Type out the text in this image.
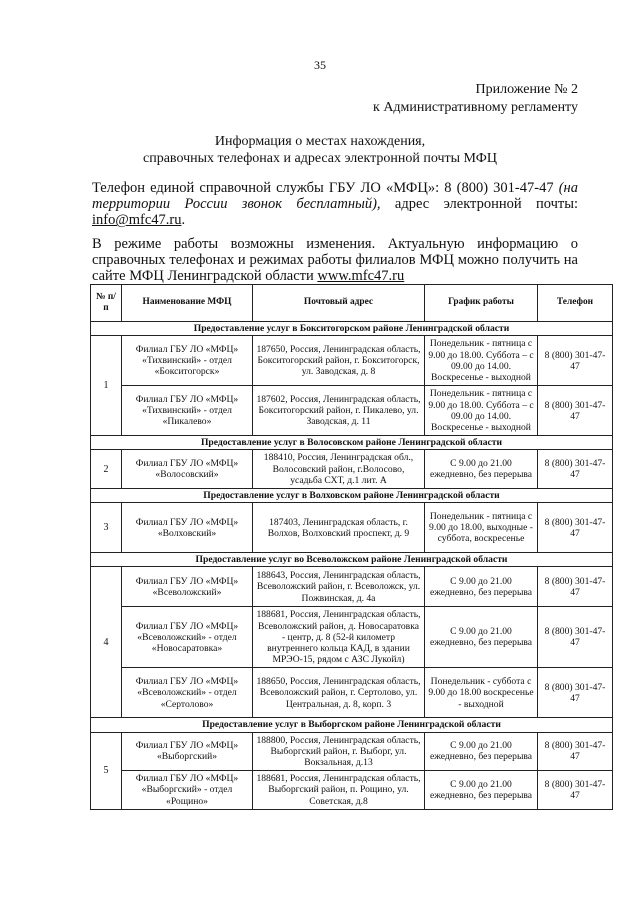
35
Приложение № 2
к Административному регламенту
Информация о местах нахождения,
справочных телефонах и адресах электронной почты МФЦ
Телефон единой справочной службы ГБУ ЛО «МФЦ»: 8 (800) 301-47-47 (на территории России звонок бесплатный), адрес электронной почты: info@mfc47.ru.
В режиме работы возможны изменения. Актуальную информацию о справочных телефонах и режимах работы филиалов МФЦ можно получить на сайте МФЦ Ленинградской области www.mfc47.ru
№ п/п	Наименование МФЦ	Почтовый адрес	График работы	Телефон
Предоставление услуг в Бокситогорском районе Ленинградской области				
1	Филиал ГБУ ЛО «МФЦ» «Тихвинский» - отдел «Бокситогорск»	187650, Россия, Ленинградская область, Бокситогорский район, г. Бокситогорск, ул. Заводская, д. 8	Понедельник - пятница с 9.00 до 18.00. Суббота – с 09.00 до 14.00. Воскресенье - выходной	8 (800) 301-47-47
	Филиал ГБУ ЛО «МФЦ» «Тихвинский» - отдел «Пикалево»	187602, Россия, Ленинградская область, Бокситогорский район, г. Пикалево, ул. Заводская, д. 11	Понедельник - пятница с 9.00 до 18.00. Суббота – с 09.00 до 14.00. Воскресенье - выходной	8 (800) 301-47-47
Предоставление услуг в Волосовском районе Ленинградской области				
2	Филиал ГБУ ЛО «МФЦ» «Волосовский»	188410, Россия, Ленинградская обл., Волосовский район, г.Волосово, усадьба СХТ, д.1 лит. А	С 9.00 до 21.00 ежедневно, без перерыва	8 (800) 301-47-47
Предоставление услуг в Волховском районе Ленинградской области				
3	Филиал ГБУ ЛО «МФЦ» «Волховский»	187403, Ленинградская область, г. Волхов, Волховский проспект, д. 9	Понедельник - пятница с 9.00 до 18.00, выходные - суббота, воскресенье	8 (800) 301-47-47
Предоставление услуг во Всеволожском районе Ленинградской области				
4	Филиал ГБУ ЛО «МФЦ» «Всеволожский»	188643, Россия, Ленинградская область, Всеволожский район, г. Всеволожск, ул. Пожвинская, д. 4а	С 9.00 до 21.00 ежедневно, без перерыва	8 (800) 301-47-47
	Филиал ГБУ ЛО «МФЦ» «Всеволожский» - отдел «Новосаратовка»	188681, Россия, Ленинградская область, Всеволожский район, д. Новосаратовка - центр, д. 8 (52-й километр внутреннего кольца КАД, в здании МРЭО-15, рядом с АЗС Лукойл)	С 9.00 до 21.00 ежедневно, без перерыва	8 (800) 301-47-47
	Филиал ГБУ ЛО «МФЦ» «Всеволожский» - отдел «Сертолово»	188650, Россия, Ленинградская область, Всеволожский район, г. Сертолово, ул. Центральная, д. 8, корп. 3	Понедельник - суббота с 9.00 до 18.00 воскресенье - выходной	8 (800) 301-47-47
Предоставление услуг в Выборгском районе Ленинградской области				
5	Филиал ГБУ ЛО «МФЦ» «Выборгский»	188800, Россия, Ленинградская область, Выборгский район, г. Выборг, ул. Вокзальная, д.13	С 9.00 до 21.00 ежедневно, без перерыва	8 (800) 301-47-47
	Филиал ГБУ ЛО «МФЦ» «Выборгский» - отдел «Рощино»	188681, Россия, Ленинградская область, Выборгский район, п. Рощино, ул. Советская, д.8	С 9.00 до 21.00 ежедневно, без перерыва	8 (800) 301-47-47
